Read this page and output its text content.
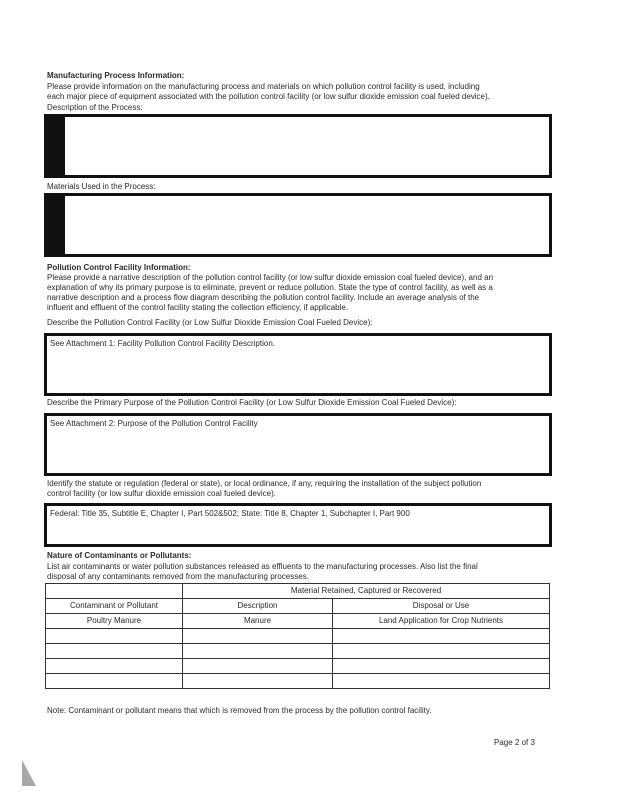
Manufacturing Process Information:
Please provide information on the manufacturing process and materials on which pollution control facility is used, including
each major piece of equipment associated with the pollution control facility (or low sulfur dioxide emission coal fueled device).
Description of the Process:
Materials Used in the Process:
Pollution Control Facility Information:
Please provide a narrative description of the pollution control facility (or low sulfur dioxide emission coal fueled device), and an
explanation of why its primary purpose is to eliminate, prevent or reduce pollution. State the type of control facility, as well as a
narrative description and a process flow diagram describing the pollution control facility. Include an average analysis of the
influent and effluent of the control facility stating the collection efficiency, if applicable.
Describe the Pollution Control Facility (or Low Sulfur Dioxide Emission Coal Fueled Device):
See Attachment 1: Facility Pollution Control Facility Description.
Describe the Primary Purpose of the Pollution Control Facility (or Low Sulfur Dioxide Emission Coal Fueled Device):
See Attachment 2: Purpose of the Pollution Control Facility
Identify the statute or regulation (federal or state), or local ordinance, if any, requiring the installation of the subject pollution
control facility (or low sulfur dioxide emission coal fueled device).
Federal: Title 35, Subtitle E, Chapter I, Part 502&502; State: Title 8, Chapter 1, Subchapter I, Part 900
Nature of Contaminants or Pollutants:
List air contaminants or water pollution substances released as effluents to the manufacturing processes. Also list the final
disposal of any contaminants removed from the manufacturing processes.
	Material Retained, Captured or Recovered	
Contaminant or Pollutant	Description	Disposal or Use
Poultry Manure	Manure	Land Application for Crop Nutrients

Note: Contaminant or pollutant means that which is removed from the process by the pollution control facility.
Page 2 of 3
